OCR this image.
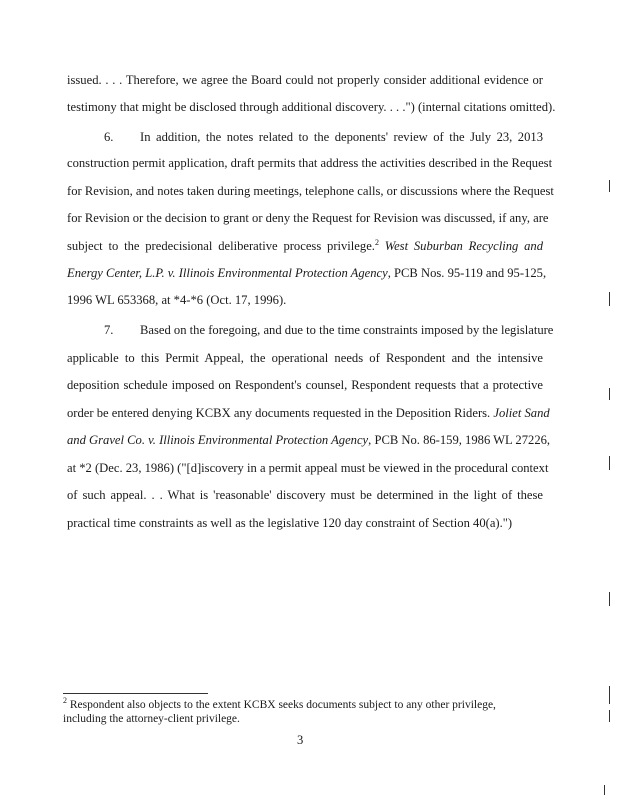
issued. . . . Therefore, we agree the Board could not properly consider additional evidence or
testimony that might be disclosed through additional discovery. . . .") (internal citations omitted).
6. In addition, the notes related to the deponents' review of the July 23, 2013
construction permit application, draft permits that address the activities described in the Request
for Revision, and notes taken during meetings, telephone calls, or discussions where the Request
for Revision or the decision to grant or deny the Request for Revision was discussed, if any, are
subject to the predecisional deliberative process privilege.$^2$ West Suburban Recycling and
Energy Center, L.P. v. Illinois Environmental Protection Agency, PCB Nos. 95-119 and 95-125,
1996 WL 653368, at *4-*6 (Oct. 17, 1996).
7. Based on the foregoing, and due to the time constraints imposed by the legislature
applicable to this Permit Appeal, the operational needs of Respondent and the intensive
deposition schedule imposed on Respondent's counsel, Respondent requests that a protective
order be entered denying KCBX any documents requested in the Deposition Riders. Joliet Sand
and Gravel Co. v. Illinois Environmental Protection Agency, PCB No. 86-159, 1986 WL 27226,
at *2 (Dec. 23, 1986) ("[d]iscovery in a permit appeal must be viewed in the procedural context
of such appeal. . . What is 'reasonable' discovery must be determined in the light of these
practical time constraints as well as the legislative 120 day constraint of Section 40(a).")
$^2$ Respondent also objects to the extent KCBX seeks documents subject to any other privilege,
including the attorney-client privilege.
3
